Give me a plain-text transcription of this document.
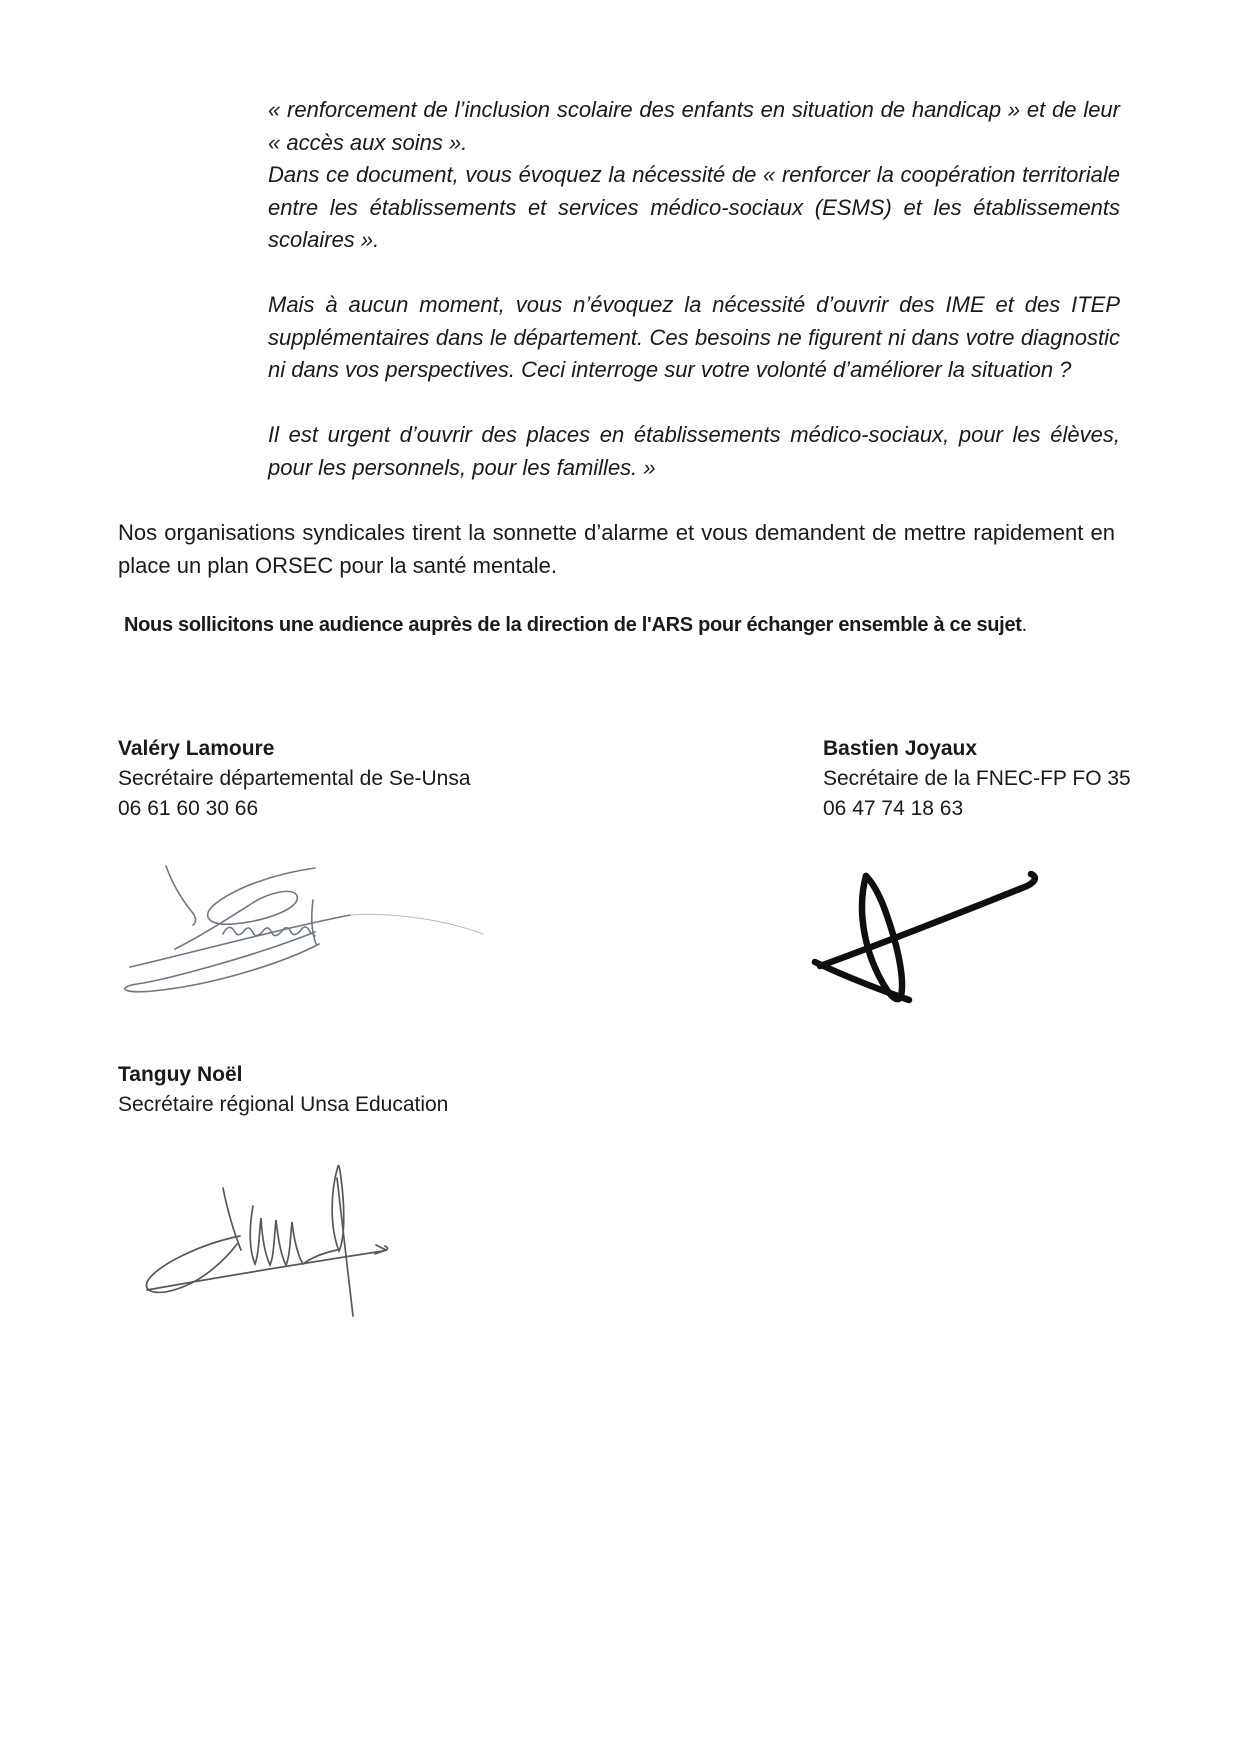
« renforcement de l’inclusion scolaire des enfants en situation de handicap » et de leur « accès aux soins ».

Dans ce document, vous évoquez la nécessité de « renforcer la coopération territoriale entre les établissements et services médico-sociaux (ESMS) et les établissements scolaires ».

Mais à aucun moment, vous n’évoquez la nécessité d’ouvrir des IME et des ITEP supplémentaires dans le département. Ces besoins ne figurent ni dans votre diagnostic ni dans vos perspectives. Ceci interroge sur votre volonté d’améliorer la situation ?

Il est urgent d’ouvrir des places en établissements médico-sociaux, pour les élèves, pour les personnels, pour les familles. »

Nos organisations syndicales tirent la sonnette d’alarme et vous demandent de mettre rapidement en place un plan ORSEC pour la santé mentale.

Nous sollicitons une audience auprès de la direction de l'ARS pour échanger ensemble à ce sujet.

Valéry Lamoure
Secrétaire départemental de Se-Unsa
06 61 60 30 66
Bastien Joyaux
Secrétaire de la FNEC-FP FO 35
06 47 74 18 63
Tanguy Noël
Secrétaire régional Unsa Education
